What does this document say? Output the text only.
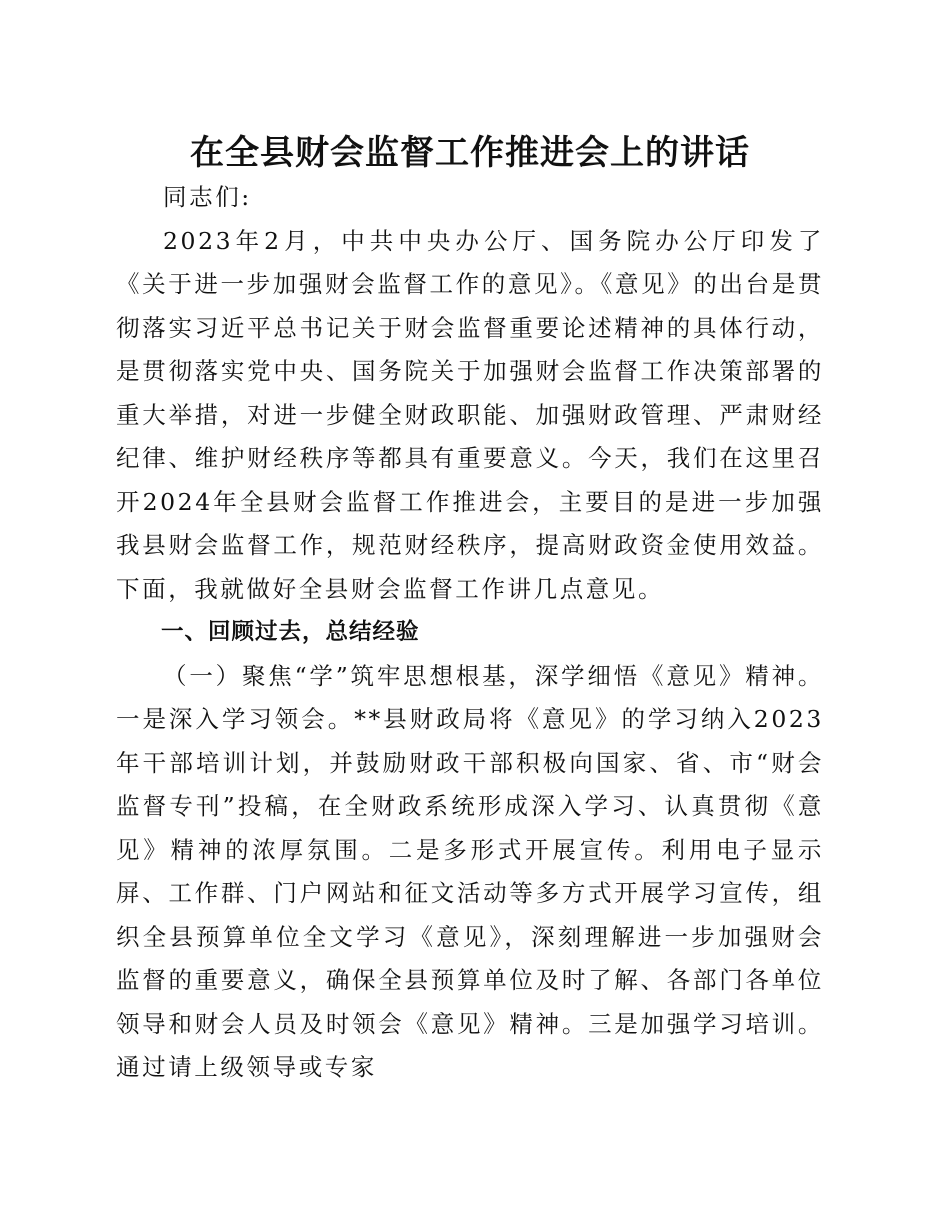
在全县财会监督工作推进会上的讲话

同志们:

2023年2月，中共中央办公厅、国务院办公厅印发了《关于进一步加强财会监督工作的意见》。《意见》的出台是贯彻落实习近平总书记关于财会监督重要论述精神的具体行动，是贯彻落实党中央、国务院关于加强财会监督工作决策部署的重大举措，对进一步健全财政职能、加强财政管理、严肃财经纪律、维护财经秩序等都具有重要意义。今天，我们在这里召开2024年全县财会监督工作推进会，主要目的是进一步加强我县财会监督工作，规范财经秩序，提高财政资金使用效益。下面，我就做好全县财会监督工作讲几点意见。

一、回顾过去，总结经验

（一）聚焦“学”筑牢思想根基，深学细悟《意见》精神。一是深入学习领会。**县财政局将《意见》的学习纳入2023年干部培训计划，并鼓励财政干部积极向国家、省、市“财会监督专刊”投稿，在全财政系统形成深入学习、认真贯彻《意见》精神的浓厚氛围。二是多形式开展宣传。利用电子显示屏、工作群、门户网站和征文活动等多方式开展学习宣传，组织全县预算单位全文学习《意见》，深刻理解进一步加强财会监督的重要意义，确保全县预算单位及时了解、各部门各单位领导和财会人员及时领会《意见》精神。三是加强学习培训。通过请上级领导或专家
